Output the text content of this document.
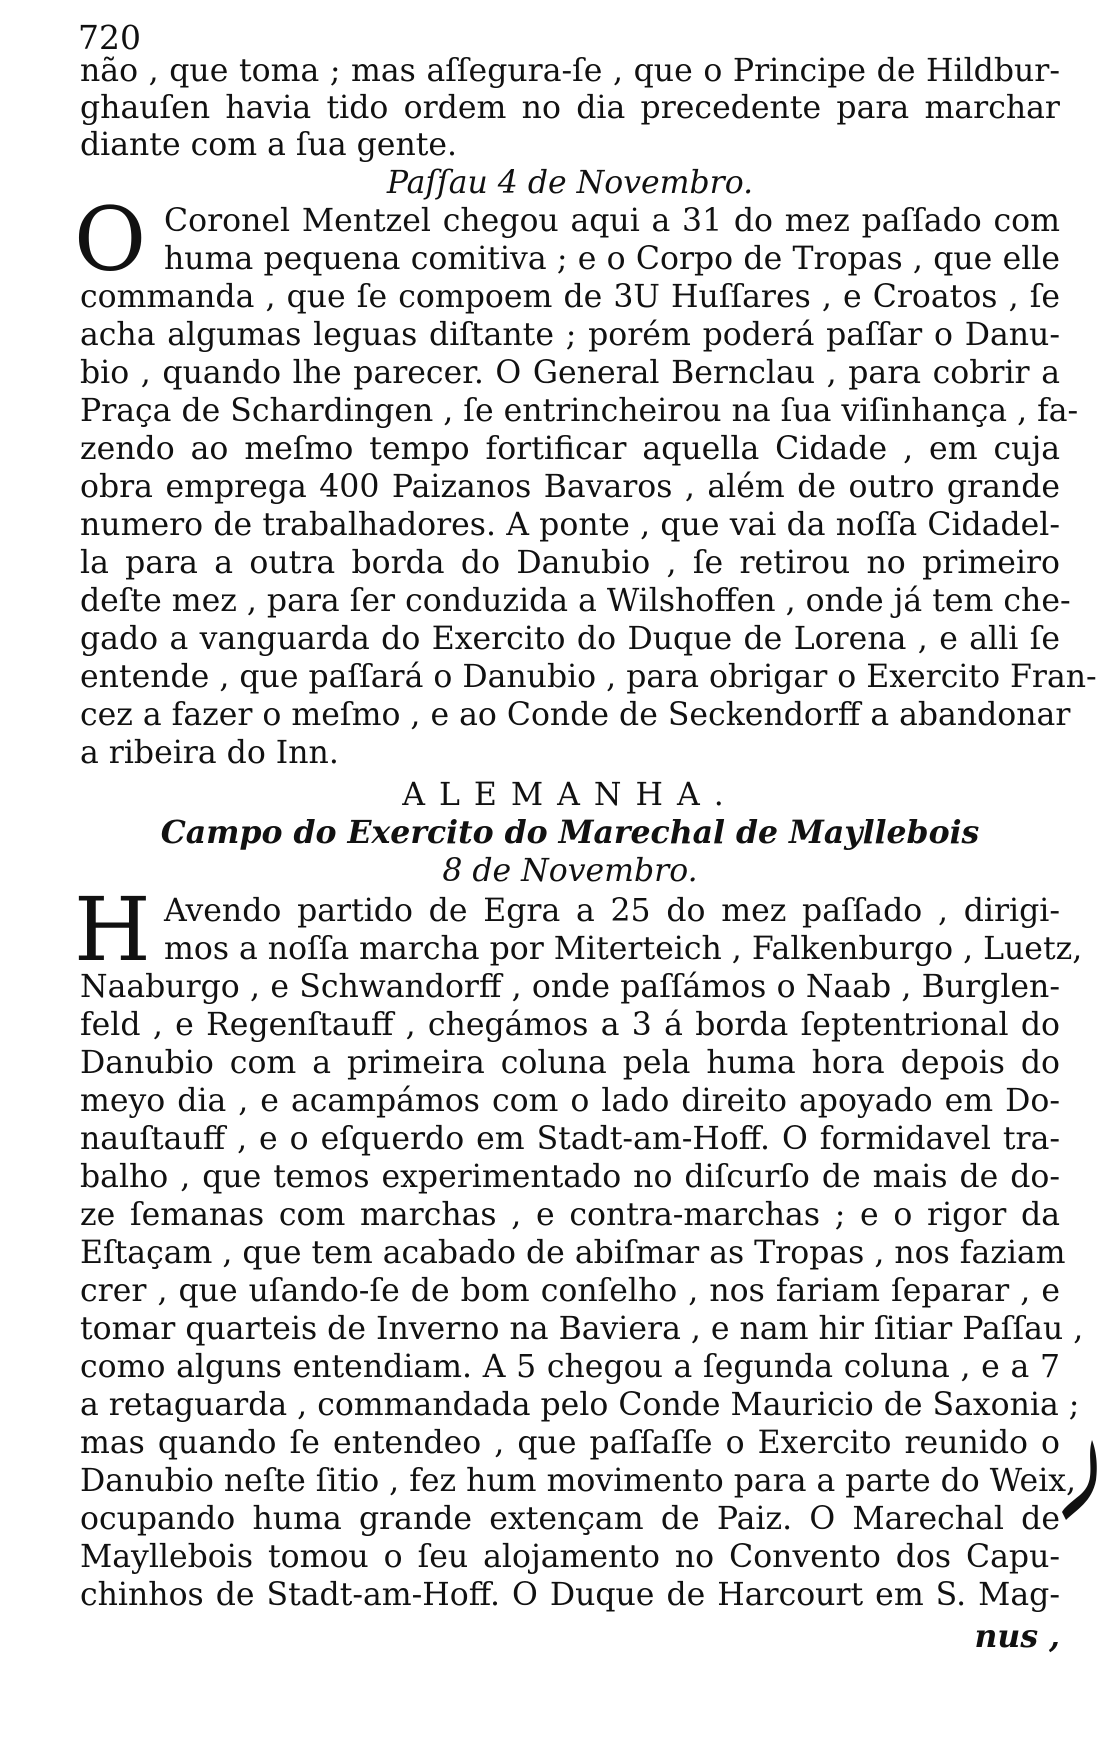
720
não , que toma ; mas aſſegura-ſe , que o Principe de Hildbur-
ghauſen havia tido ordem no dia precedente para marchar
diante com a ſua gente.
Paſſau 4 de Novembro.
Coronel Mentzel chegou aqui a 31 do mez paſſado com
huma pequena comitiva ; e o Corpo de Tropas , que elle
commanda , que ſe compoem de 3U Huſſares , e Croatos , ſe
acha algumas leguas diſtante ; porém poderá paſſar o Danu-
bio , quando lhe parecer. O General Bernclau , para cobrir a
Praça de Schardingen , ſe entrincheirou na ſua viſinhança , fa-
zendo ao meſmo tempo fortificar aquella Cidade , em cuja
obra emprega 400 Paizanos Bavaros , além de outro grande
numero de trabalhadores. A ponte , que vai da noſſa Cidadel-
la para a outra borda do Danubio , ſe retirou no primeiro
deſte mez , para ſer conduzida a Wilshoffen , onde já tem che-
gado a vanguarda do Exercito do Duque de Lorena , e alli ſe
entende , que paſſará o Danubio , para obrigar o Exercito Fran-
cez a fazer o meſmo , e ao Conde de Seckendorff a abandonar
a ribeira do Inn.
ALEMANHA.
Campo do Exercito do Marechal de Mayllebois
8 de Novembro.
Avendo partido de Egra a 25 do mez paſſado , dirigi-
mos a noſſa marcha por Miterteich , Falkenburgo , Luetz,
Naaburgo , e Schwandorff , onde paſſámos o Naab , Burglen-
feld , e Regenſtauff , chegámos a 3 á borda ſeptentrional do
Danubio com a primeira coluna pela huma hora depois do
meyo dia , e acampámos com o lado direito apoyado em Do-
nauſtauff , e o eſquerdo em Stadt-am-Hoff. O formidavel tra-
balho , que temos experimentado no diſcurſo de mais de do-
ze ſemanas com marchas , e contra-marchas ; e o rigor da
Eſtaçam , que tem acabado de abiſmar as Tropas , nos faziam
crer , que uſando-ſe de bom conſelho , nos fariam ſeparar , e
tomar quarteis de Inverno na Baviera , e nam hir ſitiar Paſſau ,
como alguns entendiam. A 5 chegou a ſegunda coluna , e a 7
a retaguarda , commandada pelo Conde Mauricio de Saxonia ;
mas quando ſe entendeo , que paſſaſſe o Exercito reunido o
Danubio neſte ſitio , fez hum movimento para a parte do Weix,
ocupando huma grande extençam de Paiz. O Marechal de
Mayllebois tomou o ſeu alojamento no Convento dos Capu-
chinhos de Stadt-am-Hoff. O Duque de Harcourt em S. Mag-
nus ,
O
H
